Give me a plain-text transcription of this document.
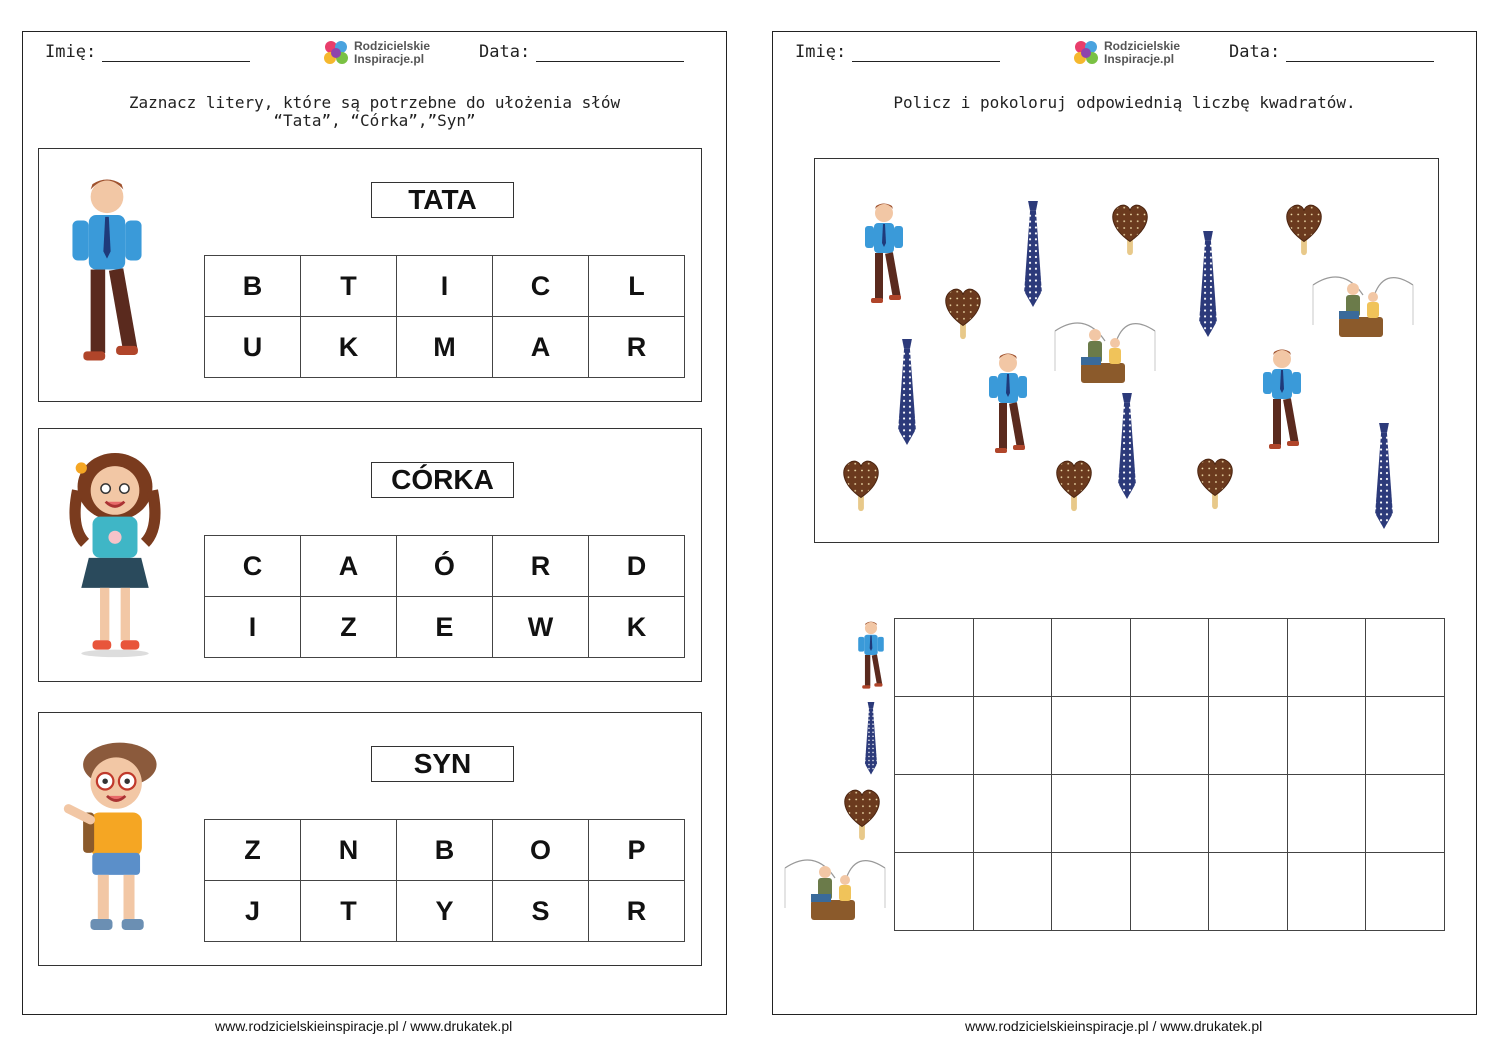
Imię:	Rodzicielskie
Inspiracje.pl	Data:
Zaznacz litery, które są potrzebne do ułożenia słów
“Tata”, “Córka”,”Syn”
TATA
B	T	I	C	L
U	K	M	A	R
CÓRKA
C	A	Ó	R	D
I	Z	E	W	K
SYN
Z	N	B	O	P
J	T	Y	S	R
www.rodzicielskieinspiracje.pl / www.drukatek.pl
Imię:	Rodzicielskie
Inspiracje.pl	Data:
Policz i pokoloruj odpowiednią liczbę kwadratów.

www.rodzicielskieinspiracje.pl / www.drukatek.pl
